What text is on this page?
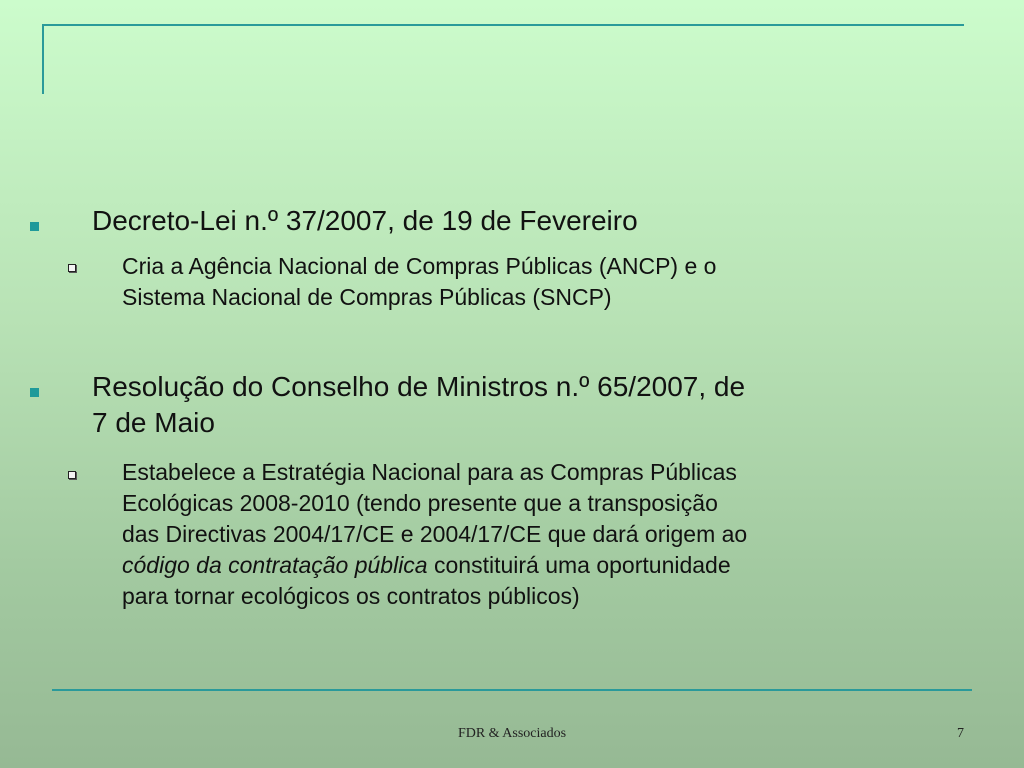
Decreto-Lei n.º 37/2007, de 19 de Fevereiro
Cria a Agência Nacional de Compras Públicas (ANCP) e o
Sistema Nacional de Compras Públicas (SNCP)
Resolução do Conselho de Ministros n.º 65/2007, de
7 de Maio
Estabelece a Estratégia Nacional para as Compras Públicas
Ecológicas 2008-2010 (tendo presente que a transposição
das Directivas 2004/17/CE e 2004/17/CE que dará origem ao
código da contratação pública constituirá uma oportunidade
para tornar ecológicos os contratos públicos)
FDR & Associados	7
